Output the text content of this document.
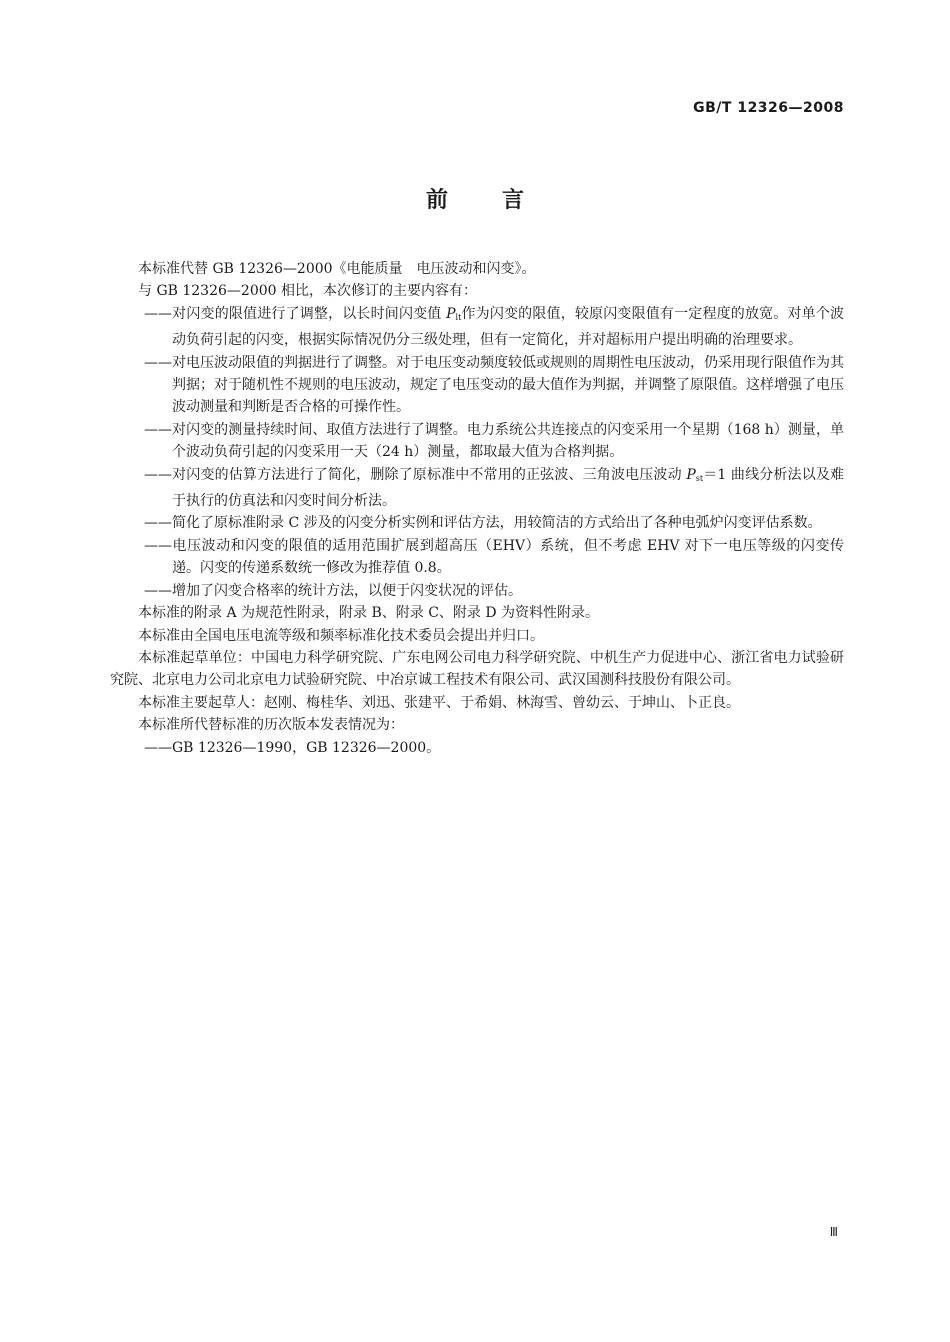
GB/T 12326—2008
前言

本标准代替 GB 12326—2000《电能质量　电压波动和闪变》。

与 GB 12326—2000 相比，本次修订的主要内容有：

——对闪变的限值进行了调整，以长时间闪变值 $P_{lt}$作为闪变的限值，较原闪变限值有一定程度的放宽。对单个波动负荷引起的闪变，根据实际情况仍分三级处理，但有一定简化，并对超标用户提出明确的治理要求。

——对电压波动限值的判据进行了调整。对于电压变动频度较低或规则的周期性电压波动，仍采用现行限值作为其判据；对于随机性不规则的电压波动，规定了电压变动的最大值作为判据，并调整了原限值。这样增强了电压波动测量和判断是否合格的可操作性。

——对闪变的测量持续时间、取值方法进行了调整。电力系统公共连接点的闪变采用一个星期（168 h）测量，单个波动负荷引起的闪变采用一天（24 h）测量，都取最大值为合格判据。

——对闪变的估算方法进行了简化，删除了原标准中不常用的正弦波、三角波电压波动 $P_{st}=1$ 曲线分析法以及难于执行的仿真法和闪变时间分析法。

——简化了原标准附录 C 涉及的闪变分析实例和评估方法，用较简洁的方式给出了各种电弧炉闪变评估系数。

——电压波动和闪变的限值的适用范围扩展到超高压（EHV）系统，但不考虑 EHV 对下一电压等级的闪变传递。闪变的传递系数统一修改为推荐值 0.8。

——增加了闪变合格率的统计方法，以便于闪变状况的评估。

本标准的附录 A 为规范性附录，附录 B、附录 C、附录 D 为资料性附录。

本标准由全国电压电流等级和频率标准化技术委员会提出并归口。

本标准起草单位：中国电力科学研究院、广东电网公司电力科学研究院、中机生产力促进中心、浙江省电力试验研究院、北京电力公司北京电力试验研究院、中冶京诚工程技术有限公司、武汉国测科技股份有限公司。

本标准主要起草人：赵刚、梅桂华、刘迅、张建平、于希娟、林海雪、曾幼云、于坤山、卜正良。

本标准所代替标准的历次版本发表情况为：

——GB 12326—1990，GB 12326—2000。

Ⅲ
